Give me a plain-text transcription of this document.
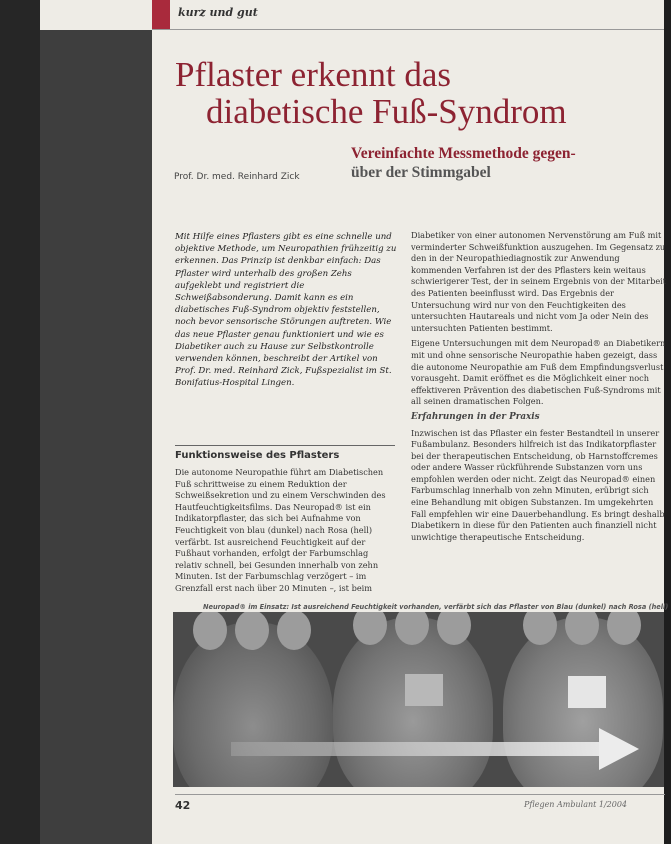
kurz und gut
Pflaster erkennt das
diabetische Fuß-Syndrom
Prof. Dr. med. Reinhard Zick
Vereinfachte Messmethode gegen-
über der Stimmgabel
Mit Hilfe eines Pflasters gibt es eine schnelle und objektive Methode, um Neuropathien frühzeitig zu erkennen. Das Prinzip ist denkbar einfach: Das Pflaster wird unterhalb des großen Zehs aufgeklebt und registriert die Schweißabsonderung. Damit kann es ein diabetisches Fuß-Syndrom objektiv feststellen, noch bevor sensorische Störungen auftreten. Wie das neue Pflaster genau funktioniert und wie es Diabetiker auch zu Hause zur Selbstkontrolle verwenden können, beschreibt der Artikel von Prof. Dr. med. Reinhard Zick, Fußspezialist im St. Bonifatius-Hospital Lingen.
Funktionsweise des Pflasters

Die autonome Neuropathie führt am Diabetischen Fuß schrittweise zu einem Reduktion der Schweißsekretion und zu einem Verschwinden des Hautfeuchtigkeitsfilms. Das Neuropad® ist ein Indikatorpflaster, das sich bei Aufnahme von Feuchtigkeit von blau (dunkel) nach Rosa (hell) verfärbt. Ist ausreichend Feuchtigkeit auf der Fußhaut vorhanden, erfolgt der Farbumschlag relativ schnell, bei Gesunden innerhalb von zehn Minuten. Ist der Farbumschlag verzögert – im Grenzfall erst nach über 20 Minuten –, ist beim

Diabetiker von einer autonomen Nervenstörung am Fuß mit verminderter Schweißfunktion auszugehen. Im Gegensatz zu den in der Neuropathiediagnostik zur Anwendung kommenden Verfahren ist der des Pflasters kein weitaus schwierigerer Test, der in seinem Ergebnis von der Mitarbeit des Patienten beeinflusst wird. Das Ergebnis der Untersuchung wird nur von den Feuchtigkeiten des untersuchten Hautareals und nicht vom Ja oder Nein des untersuchten Patienten bestimmt.

Eigene Untersuchungen mit dem Neuropad® an Diabetikern mit und ohne sensorische Neuropathie haben gezeigt, dass die autonome Neuropathie am Fuß dem Empfindungsverlust vorausgeht. Damit eröffnet es die Möglichkeit einer noch effektiveren Prävention des diabetischen Fuß-Syndroms mit all seinen dramatischen Folgen.

Erfahrungen in der Praxis

Inzwischen ist das Pflaster ein fester Bestandteil in unserer Fußambulanz. Besonders hilfreich ist das Indikatorpflaster bei der therapeutischen Entscheidung, ob Harnstoffcremes oder andere Wasser rückführende Substanzen vorn uns empfohlen werden oder nicht. Zeigt das Neuropad® einen Farbumschlag innerhalb von zehn Minuten, erübrigt sich eine Behandlung mit obigen Substanzen. Im umgekehrten Fall empfehlen wir eine Dauerbehandlung. Es bringt deshalb Diabetikern in diese für den Patienten auch finanziell nicht unwichtige therapeutische Entscheidung.

Neuropad® im Einsatz: Ist ausreichend Feuchtigkeit vorhanden, verfärbt sich das Pflaster von Blau (dunkel) nach Rosa (hell)
42	Pflegen Ambulant 1/2004
